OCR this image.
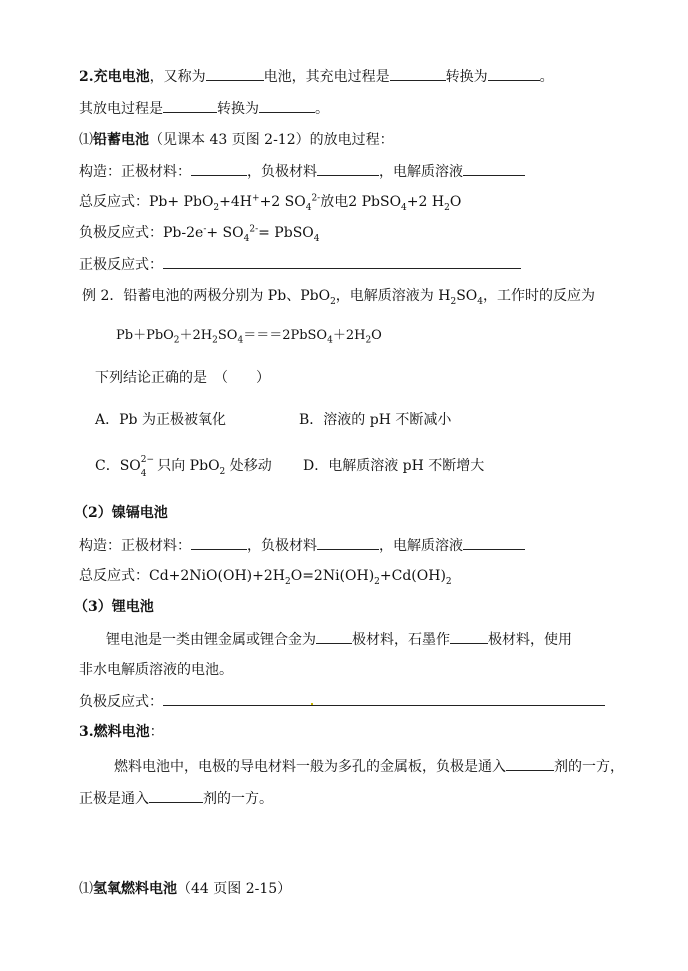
2.充电电池，又称为	电池，其充电过程是	转换为	。
其放电过程是	转换为	。
⑴铅蓄电池（见课本 43 页图 2-12）的放电过程：
构造：正极材料：	，负极材料	，电解质溶液
总反应式：Pb+ PbO$_2$+4H++2 $SO_4^{2-}$放电2 PbSO$_4$+2 $H_2O$
负极反应式：$Pb-2e^-+ SO_4^{2-}=$ PbSO$_4$
正极反应式：
例 2．铅蓄电池的两极分别为 Pb、PbO$_2$，电解质溶液为 $H_2SO_4$，工作时的反应为
$Pb+PbO_2+2H_2SO_4===2PbSO_4+2H_2O$
下列结论正确的是　（　　）
A．Pb 为正极被氧化	B．溶液的 pH 不断减小
C．SO 2−
4 只向 PbO$_2$ 处移动 D．电解质溶液 pH 不断增大
（2）镍镉电池
构造：正极材料：	，负极材料	，电解质溶液
总反应式：$Cd+2NiO(OH)+2H_2O=2Ni(OH)_2+Cd(OH)_2$
（3）锂电池
锂电池是一类由锂金属或锂合金为	极材料，石墨作	极材料，使用
非水电解质溶液的电池。
负极反应式：
3.燃料电池：
燃料电池中，电极的导电材料一般为多孔的金属板，负极是通入	剂的一方，
正极是通入	剂的一方。
⑴氢氧燃料电池（44 页图 2-15）
